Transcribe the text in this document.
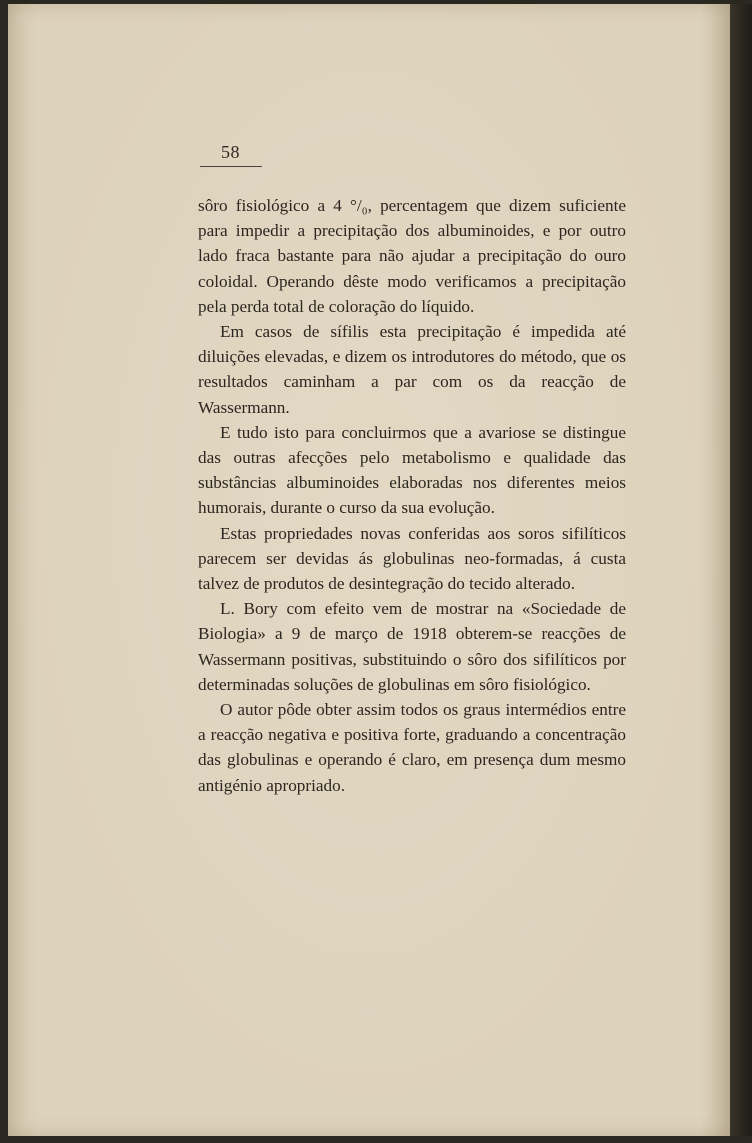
58

sôro fisiológico a 4 °/₀, percentagem que dizem suficiente para impedir a precipitação dos albuminoides, e por outro lado fraca bastante para não ajudar a precipitação do ouro coloidal. Operando dêste modo verificamos a precipitação pela perda total de coloração do líquido.

Em casos de sífilis esta precipitação é impedida até diluições elevadas, e dizem os introdutores do método, que os resultados caminham a par com os da reacção de Wassermann.

E tudo isto para concluirmos que a avariose se distingue das outras afecções pelo metabolismo e qualidade das substâncias albuminoides elaboradas nos diferentes meios humorais, durante o curso da sua evolução.

Estas propriedades novas conferidas aos soros sifilíticos parecem ser devidas ás globulinas neo-formadas, á custa talvez de produtos de desintegração do tecido alterado.

L. Bory com efeito vem de mostrar na «Sociedade de Biologia» a 9 de março de 1918 obterem-se reacções de Wassermann positivas, substituindo o sôro dos sifilíticos por determinadas soluções de globulinas em sôro fisiológico.

O autor pôde obter assim todos os graus intermédios entre a reacção negativa e positiva forte, graduando a concentração das globulinas e operando é claro, em presença dum mesmo antigénio apropriado.
